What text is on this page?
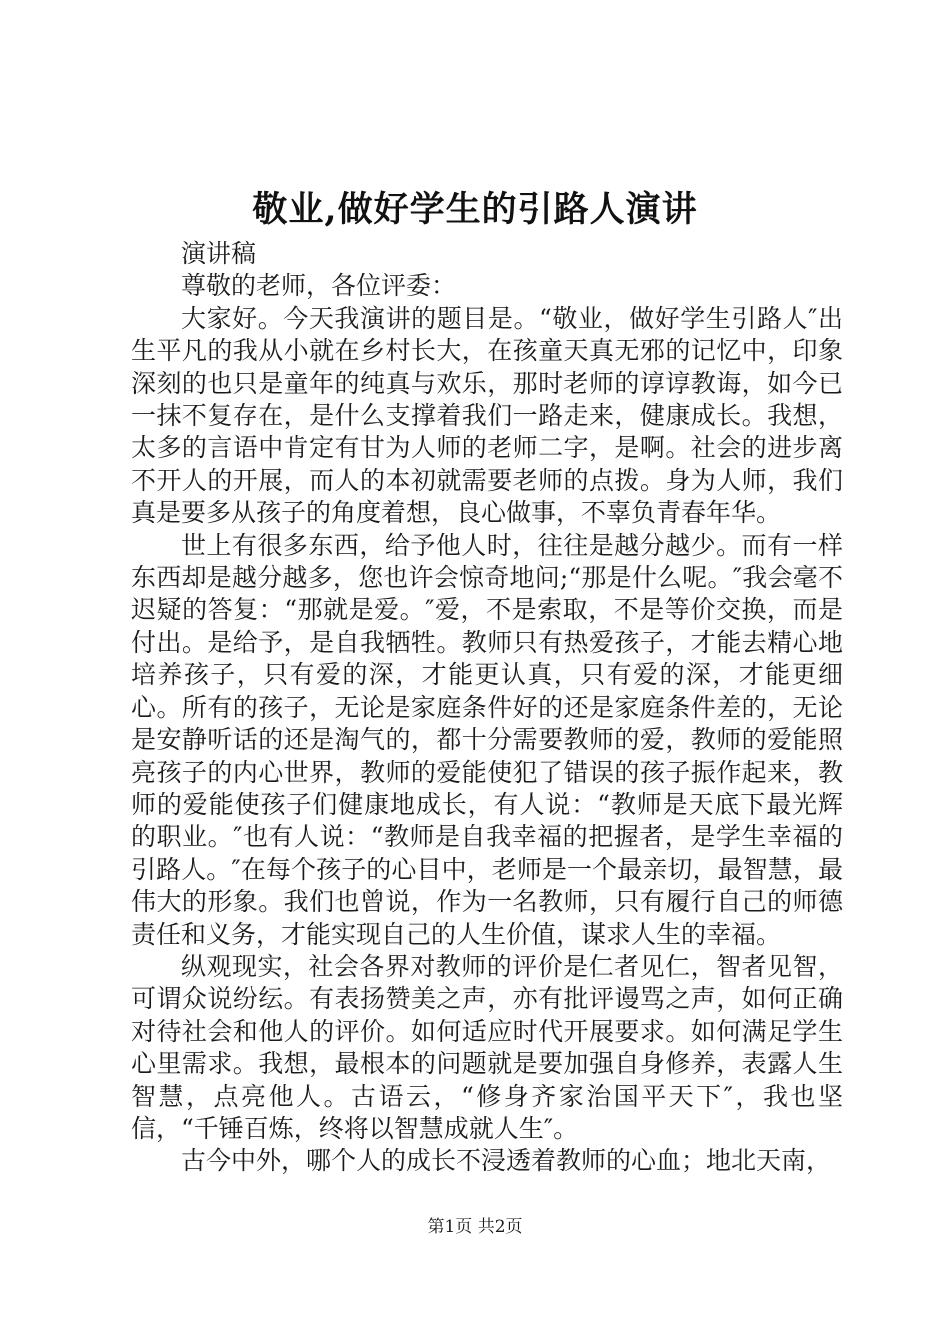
敬业,做好学生的引路人演讲

演讲稿

尊敬的老师，各位评委：

大家好。今天我演讲的题目是。“敬业，做好学生引路人″出生平凡的我从小就在乡村长大，在孩童天真无邪的记忆中，印象深刻的也只是童年的纯真与欢乐，那时老师的谆谆教诲，如今已一抹不复存在，是什么支撑着我们一路走来，健康成长。我想，太多的言语中肯定有甘为人师的老师二字，是啊。社会的进步离不开人的开展，而人的本初就需要老师的点拨。身为人师，我们真是要多从孩子的角度着想，良心做事，不辜负青春年华。

世上有很多东西，给予他人时，往往是越分越少。而有一样东西却是越分越多，您也许会惊奇地问;“那是什么呢。″我会毫不迟疑的答复：“那就是爱。″爱，不是索取，不是等价交换，而是付出。是给予，是自我牺牲。教师只有热爱孩子，才能去精心地培养孩子，只有爱的深，才能更认真，只有爱的深，才能更细心。所有的孩子，无论是家庭条件好的还是家庭条件差的，无论是安静听话的还是淘气的，都十分需要教师的爱，教师的爱能照亮孩子的内心世界，教师的爱能使犯了错误的孩子振作起来，教师的爱能使孩子们健康地成长，有人说：“教师是天底下最光辉的职业。″也有人说：“教师是自我幸福的把握者，是学生幸福的引路人。″在每个孩子的心目中，老师是一个最亲切，最智慧，最伟大的形象。我们也曾说，作为一名教师，只有履行自己的师德责任和义务，才能实现自己的人生价值，谋求人生的幸福。

纵观现实，社会各界对教师的评价是仁者见仁，智者见智，可谓众说纷纭。有表扬赞美之声，亦有批评谩骂之声，如何正确对待社会和他人的评价。如何适应时代开展要求。如何满足学生心里需求。我想，最根本的问题就是要加强自身修养，表露人生智慧，点亮他人。古语云，“修身齐家治国平天下″，我也坚信，“千锤百炼，终将以智慧成就人生″。

古今中外，哪个人的成长不浸透着教师的心血；地北天南，

第1页 共2页
